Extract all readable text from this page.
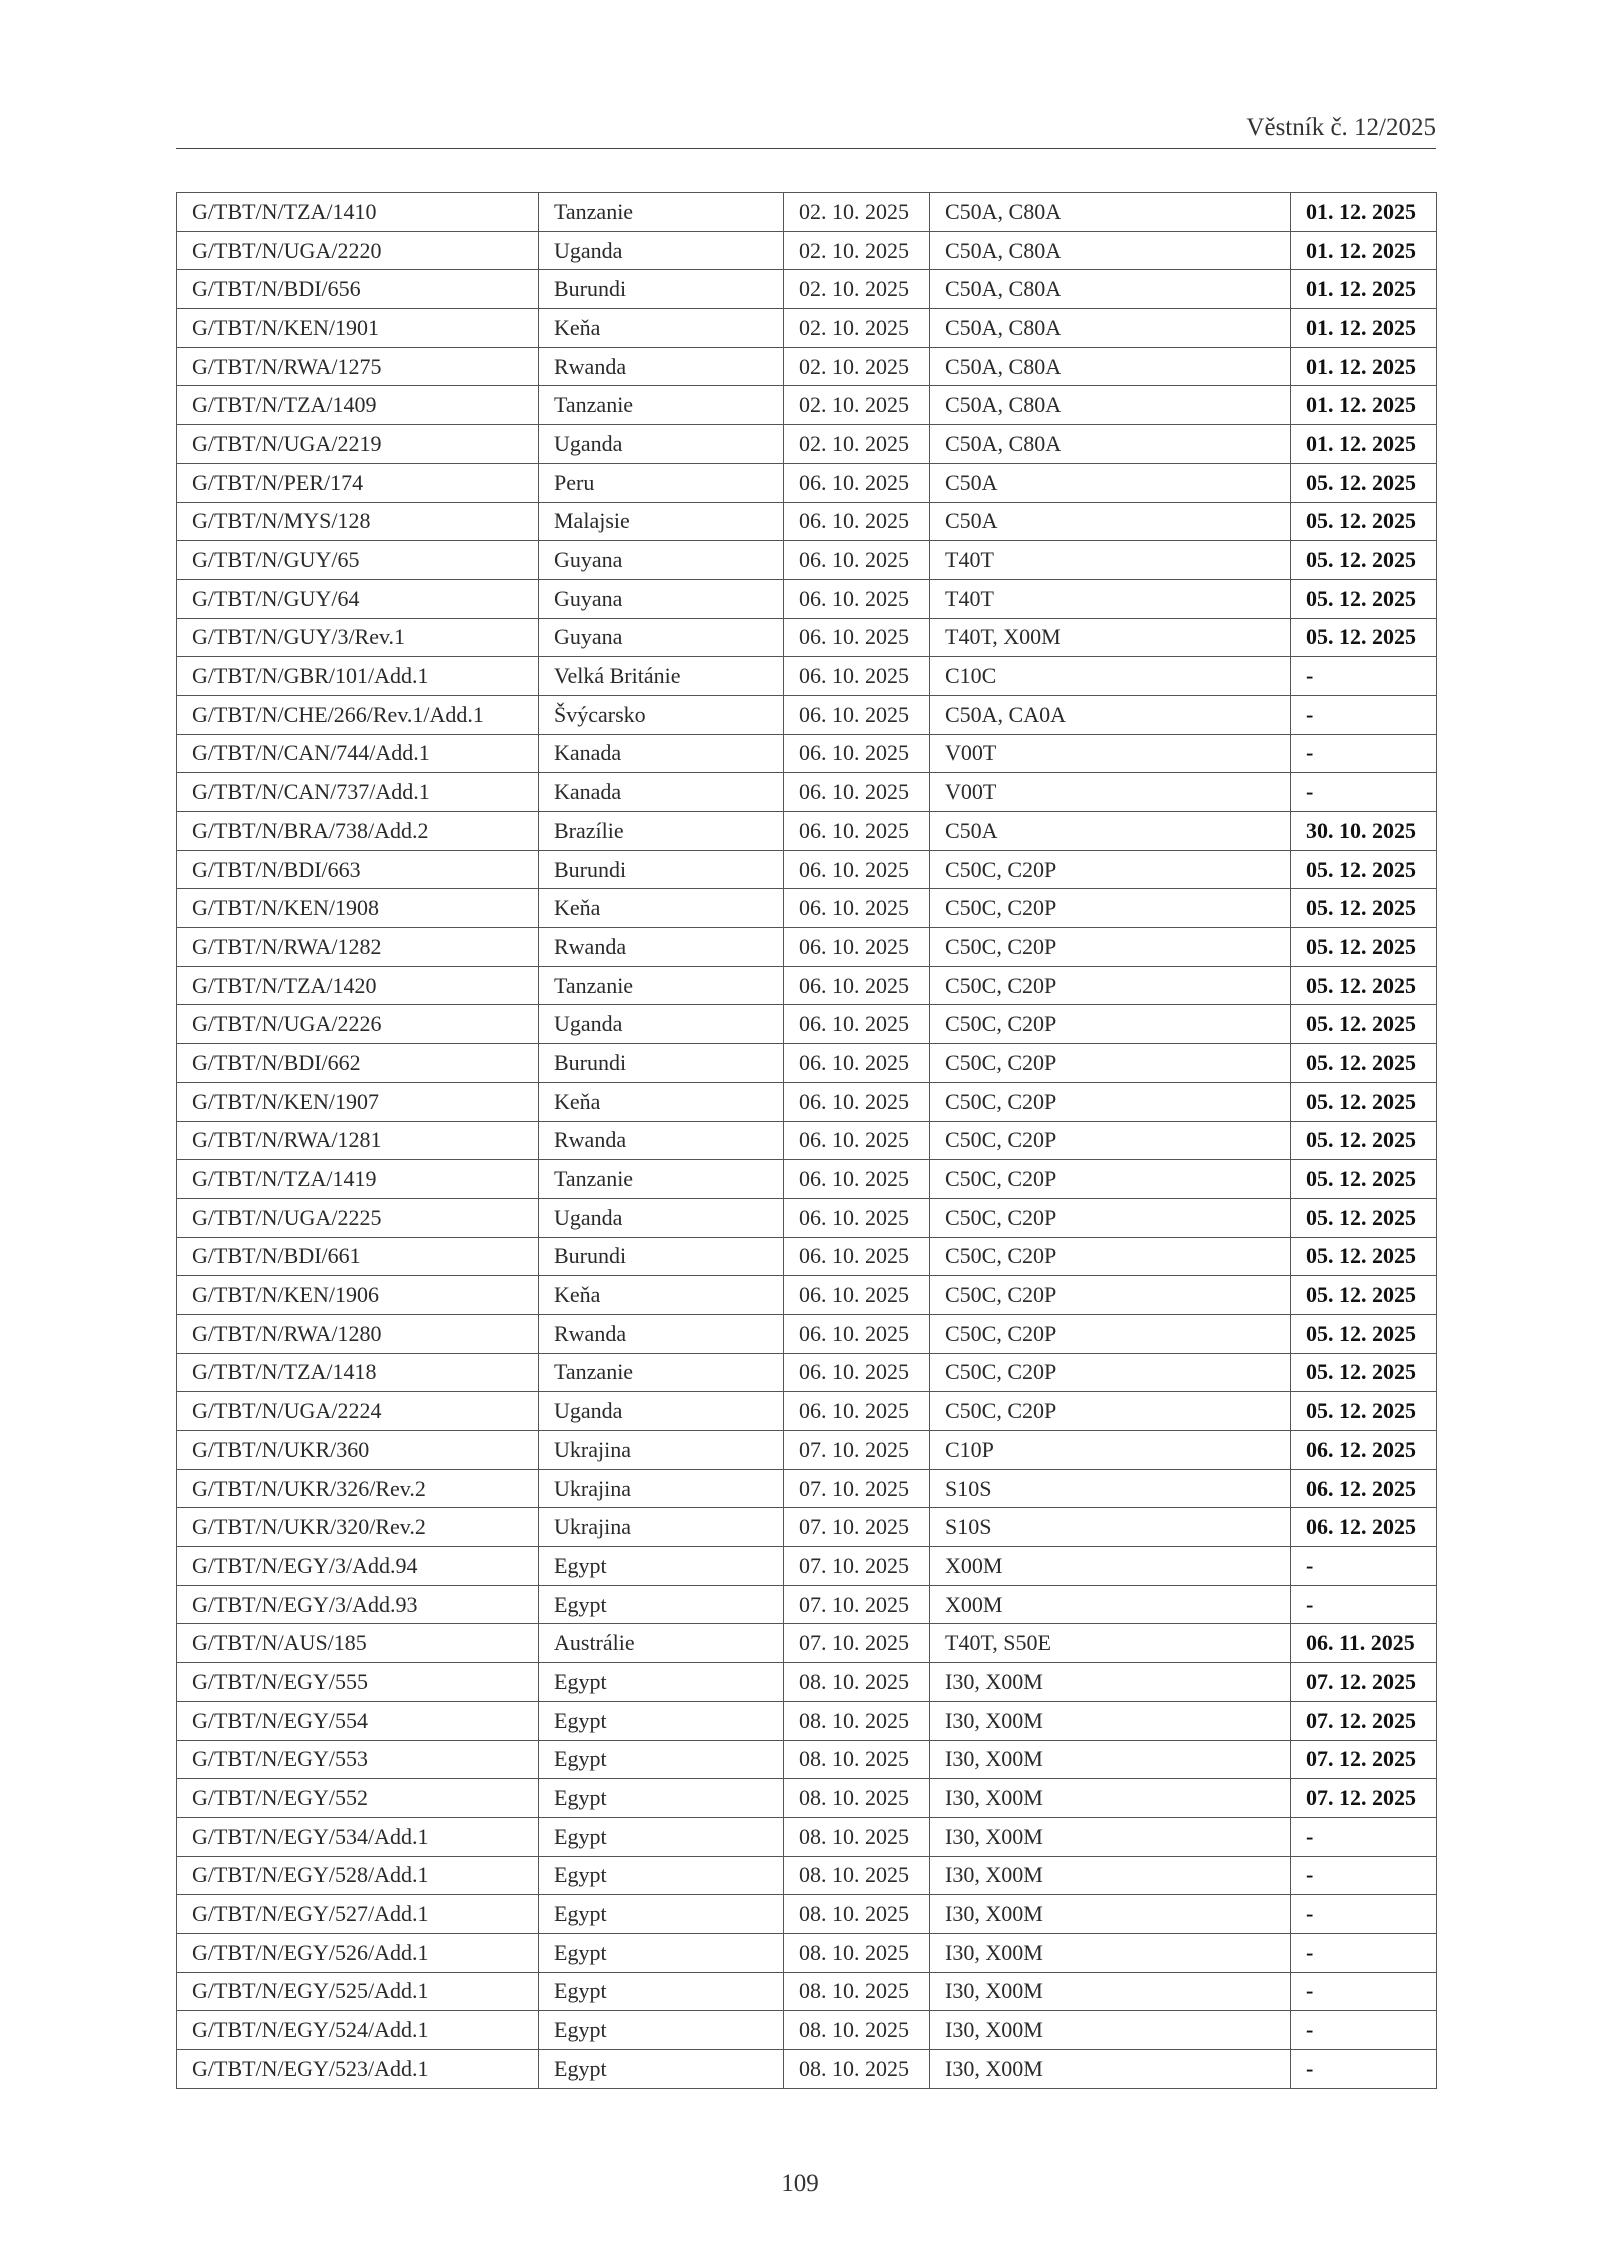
Věstník č. 12/2025
G/TBT/N/TZA/1410	Tanzanie	02. 10. 2025	C50A, C80A	01. 12. 2025
G/TBT/N/UGA/2220	Uganda	02. 10. 2025	C50A, C80A	01. 12. 2025
G/TBT/N/BDI/656	Burundi	02. 10. 2025	C50A, C80A	01. 12. 2025
G/TBT/N/KEN/1901	Keňa	02. 10. 2025	C50A, C80A	01. 12. 2025
G/TBT/N/RWA/1275	Rwanda	02. 10. 2025	C50A, C80A	01. 12. 2025
G/TBT/N/TZA/1409	Tanzanie	02. 10. 2025	C50A, C80A	01. 12. 2025
G/TBT/N/UGA/2219	Uganda	02. 10. 2025	C50A, C80A	01. 12. 2025
G/TBT/N/PER/174	Peru	06. 10. 2025	C50A	05. 12. 2025
G/TBT/N/MYS/128	Malajsie	06. 10. 2025	C50A	05. 12. 2025
G/TBT/N/GUY/65	Guyana	06. 10. 2025	T40T	05. 12. 2025
G/TBT/N/GUY/64	Guyana	06. 10. 2025	T40T	05. 12. 2025
G/TBT/N/GUY/3/Rev.1	Guyana	06. 10. 2025	T40T, X00M	05. 12. 2025
G/TBT/N/GBR/101/Add.1	Velká Británie	06. 10. 2025	C10C	-
G/TBT/N/CHE/266/Rev.1/Add.1	Švýcarsko	06. 10. 2025	C50A, CA0A	-
G/TBT/N/CAN/744/Add.1	Kanada	06. 10. 2025	V00T	-
G/TBT/N/CAN/737/Add.1	Kanada	06. 10. 2025	V00T	-
G/TBT/N/BRA/738/Add.2	Brazílie	06. 10. 2025	C50A	30. 10. 2025
G/TBT/N/BDI/663	Burundi	06. 10. 2025	C50C, C20P	05. 12. 2025
G/TBT/N/KEN/1908	Keňa	06. 10. 2025	C50C, C20P	05. 12. 2025
G/TBT/N/RWA/1282	Rwanda	06. 10. 2025	C50C, C20P	05. 12. 2025
G/TBT/N/TZA/1420	Tanzanie	06. 10. 2025	C50C, C20P	05. 12. 2025
G/TBT/N/UGA/2226	Uganda	06. 10. 2025	C50C, C20P	05. 12. 2025
G/TBT/N/BDI/662	Burundi	06. 10. 2025	C50C, C20P	05. 12. 2025
G/TBT/N/KEN/1907	Keňa	06. 10. 2025	C50C, C20P	05. 12. 2025
G/TBT/N/RWA/1281	Rwanda	06. 10. 2025	C50C, C20P	05. 12. 2025
G/TBT/N/TZA/1419	Tanzanie	06. 10. 2025	C50C, C20P	05. 12. 2025
G/TBT/N/UGA/2225	Uganda	06. 10. 2025	C50C, C20P	05. 12. 2025
G/TBT/N/BDI/661	Burundi	06. 10. 2025	C50C, C20P	05. 12. 2025
G/TBT/N/KEN/1906	Keňa	06. 10. 2025	C50C, C20P	05. 12. 2025
G/TBT/N/RWA/1280	Rwanda	06. 10. 2025	C50C, C20P	05. 12. 2025
G/TBT/N/TZA/1418	Tanzanie	06. 10. 2025	C50C, C20P	05. 12. 2025
G/TBT/N/UGA/2224	Uganda	06. 10. 2025	C50C, C20P	05. 12. 2025
G/TBT/N/UKR/360	Ukrajina	07. 10. 2025	C10P	06. 12. 2025
G/TBT/N/UKR/326/Rev.2	Ukrajina	07. 10. 2025	S10S	06. 12. 2025
G/TBT/N/UKR/320/Rev.2	Ukrajina	07. 10. 2025	S10S	06. 12. 2025
G/TBT/N/EGY/3/Add.94	Egypt	07. 10. 2025	X00M	-
G/TBT/N/EGY/3/Add.93	Egypt	07. 10. 2025	X00M	-
G/TBT/N/AUS/185	Austrálie	07. 10. 2025	T40T, S50E	06. 11. 2025
G/TBT/N/EGY/555	Egypt	08. 10. 2025	I30, X00M	07. 12. 2025
G/TBT/N/EGY/554	Egypt	08. 10. 2025	I30, X00M	07. 12. 2025
G/TBT/N/EGY/553	Egypt	08. 10. 2025	I30, X00M	07. 12. 2025
G/TBT/N/EGY/552	Egypt	08. 10. 2025	I30, X00M	07. 12. 2025
G/TBT/N/EGY/534/Add.1	Egypt	08. 10. 2025	I30, X00M	-
G/TBT/N/EGY/528/Add.1	Egypt	08. 10. 2025	I30, X00M	-
G/TBT/N/EGY/527/Add.1	Egypt	08. 10. 2025	I30, X00M	-
G/TBT/N/EGY/526/Add.1	Egypt	08. 10. 2025	I30, X00M	-
G/TBT/N/EGY/525/Add.1	Egypt	08. 10. 2025	I30, X00M	-
G/TBT/N/EGY/524/Add.1	Egypt	08. 10. 2025	I30, X00M	-
G/TBT/N/EGY/523/Add.1	Egypt	08. 10. 2025	I30, X00M	-
109
